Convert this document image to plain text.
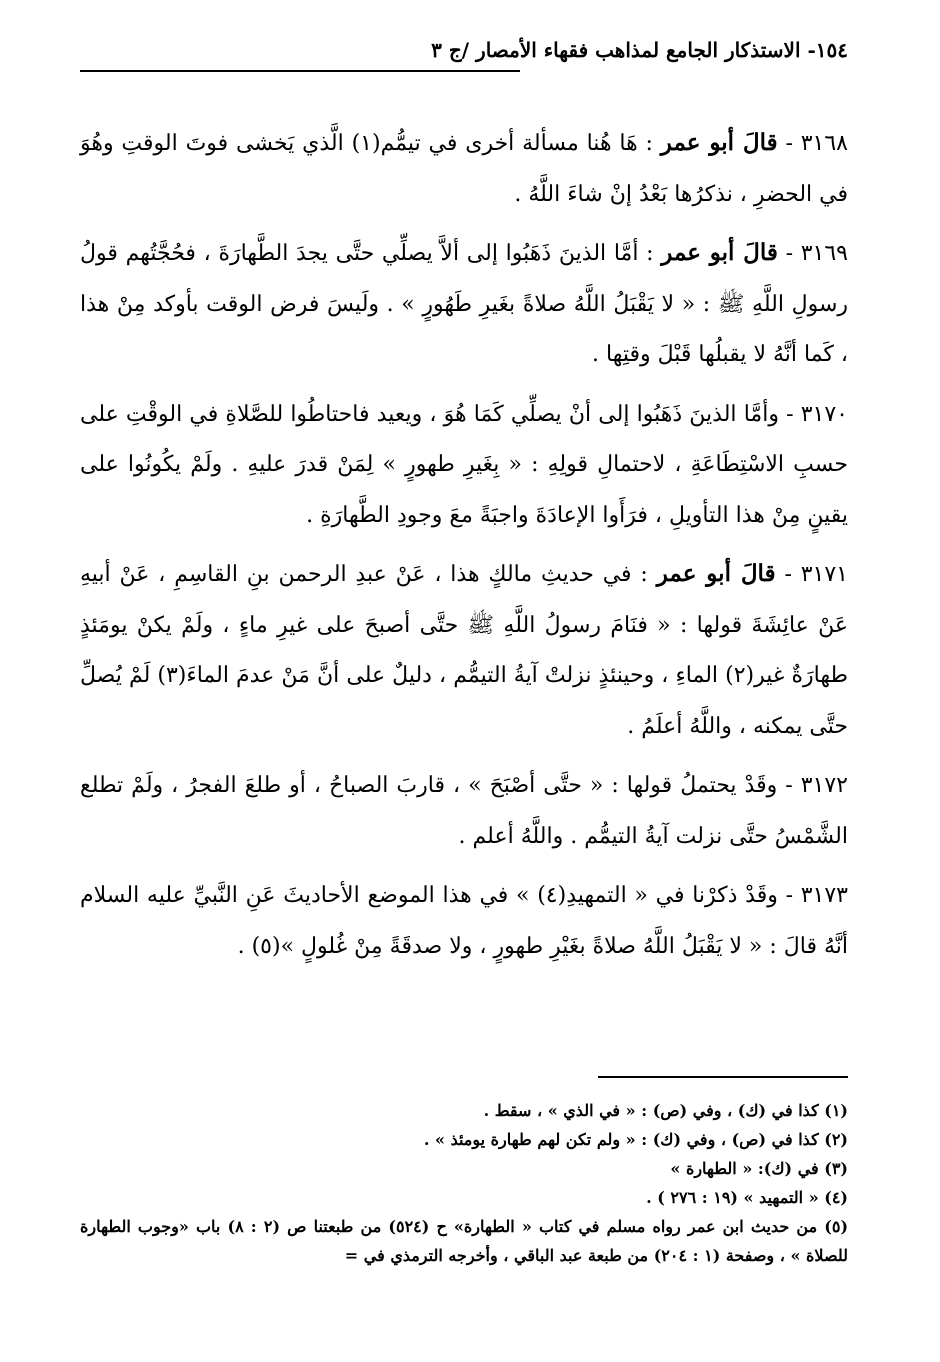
١٥٤- الاستذكار الجامع لمذاهب فقهاء الأمصار /ج ٣

٣١٦٨ - قالَ أبو عمر : هَا هُنا مسألة أخرى في تيمُّم(١) الَّذي يَخشى فوتَ الوقتِ وهُوَ في الحضرِ ، نذكرُها بَعْدُ إنْ شاءَ اللَّهُ .

٣١٦٩ - قالَ أبو عمر : أمَّا الذينَ ذَهَبُوا إلى ألاَّ يصلِّي حتَّى يجدَ الطَّهارَةَ ، فحُجَّتُهم قولُ رسولِ اللَّهِ ﷺ : « لا يَقْبَلُ اللَّهُ صلاةً بغَيرِ طَهُورٍ » . ولَيسَ فرض الوقت بأوكد مِنْ هذا ، كَما أنَّهُ لا يقبلُها قَبْلَ وقتِها .

٣١٧٠ - وأمَّا الذينَ ذَهَبُوا إلى أنْ يصلِّي كَمَا هُوَ ، ويعيد فاحتاطُوا للصَّلاةِ في الوقْتِ على حسبِ الاسْتِطَاعَةِ ، لاحتمالِ قولِهِ : « بِغَيرِ طهورٍ » لِمَنْ قدرَ عليهِ . ولَمْ يكُونُوا على يقينٍ مِنْ هذا التأويلِ ، فرَأَوا الإعادَةَ واجبَةً معَ وجودِ الطَّهارَةِ .

٣١٧١ - قالَ أبو عمر : في حديثِ مالكٍ هذا ، عَنْ عبدِ الرحمن بنِ القاسِمِ ، عَنْ أبيهِ عَنْ عائِشَةَ قولها : « فنَامَ رسولُ اللَّهِ ﷺ حتَّى أصبحَ على غيرِ ماءٍ ، ولَمْ يكنْ يومَئذٍ طهارَةٌ غير(٢) الماءِ ، وحينئذٍ نزلتْ آيةُ التيمُّم ، دليلٌ على أنَّ مَنْ عدمَ الماءَ(٣) لَمْ يُصلِّ حتَّى يمكنه ، واللَّهُ أعلَمُ .

٣١٧٢ - وقَدْ يحتملُ قولها : « حتَّى أصْبَحَ » ، قاربَ الصباحُ ، أو طلعَ الفجرُ ، ولَمْ تطلع الشَّمْسُ حتَّى نزلت آيةُ التيمُّم . واللَّهُ أعلم .

٣١٧٣ - وقَدْ ذكرْنا في « التمهيدِ(٤) » في هذا الموضع الأحاديثَ عَنِ النَّبيِّ عليه السلام أنَّهُ قالَ : « لا يَقْبَلُ اللَّهُ صلاةً بغَيْرِ طهورٍ ، ولا صدقَةً مِنْ غُلولٍ »(٥) .

(١) كذا في (ك) ، وفي (ص) : « في الذي » ، سقط .

(٢) كذا في (ص) ، وفي (ك) : « ولم تكن لهم طهارة يومئذ » .

(٣) في (ك): « الطهارة »

(٤) « التمهيد » (١٩ : ٢٧٦ ) .

(٥) من حديث ابن عمر رواه مسلم في كتاب « الطهارة» ح (٥٢٤) من طبعتنا ص (٢ : ٨) باب «وجوب الطهارة للصلاة » ، وصفحة (١ : ٢٠٤) من طبعة عبد الباقي ، وأخرجه الترمذي في =
